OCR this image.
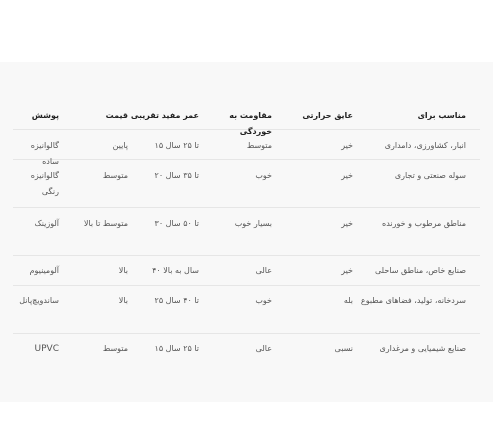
مناسب برای
عایق حرارتی
مقاومت به خوردگی
عمر مفید تقریبی
قیمت
پوشش
انبار، کشاورزی، دامداری
خیر
متوسط
تا ۲۵ سال ۱۵
پایین
گالوانیزه ساده
سوله صنعتی و تجاری
خیر
خوب
تا ۳۵ سال ۲۰
متوسط
گالوانیزه رنگی
مناطق مرطوب و خورنده
خیر
بسیار خوب
تا ۵۰ سال ۳۰
متوسط تا بالا
آلوزینک
صنایع خاص، مناطق ساحلی
خیر
عالی
سال به بالا ۴۰
بالا
آلومینیوم
سردخانه، تولید، فضاهای مطبوع
بله
خوب
تا ۴۰ سال ۲۵
بالا
ساندویچ‌پانل
صنایع شیمیایی و مرغداری
نسبی
عالی
تا ۲۵ سال ۱۵
متوسط
UPVC
